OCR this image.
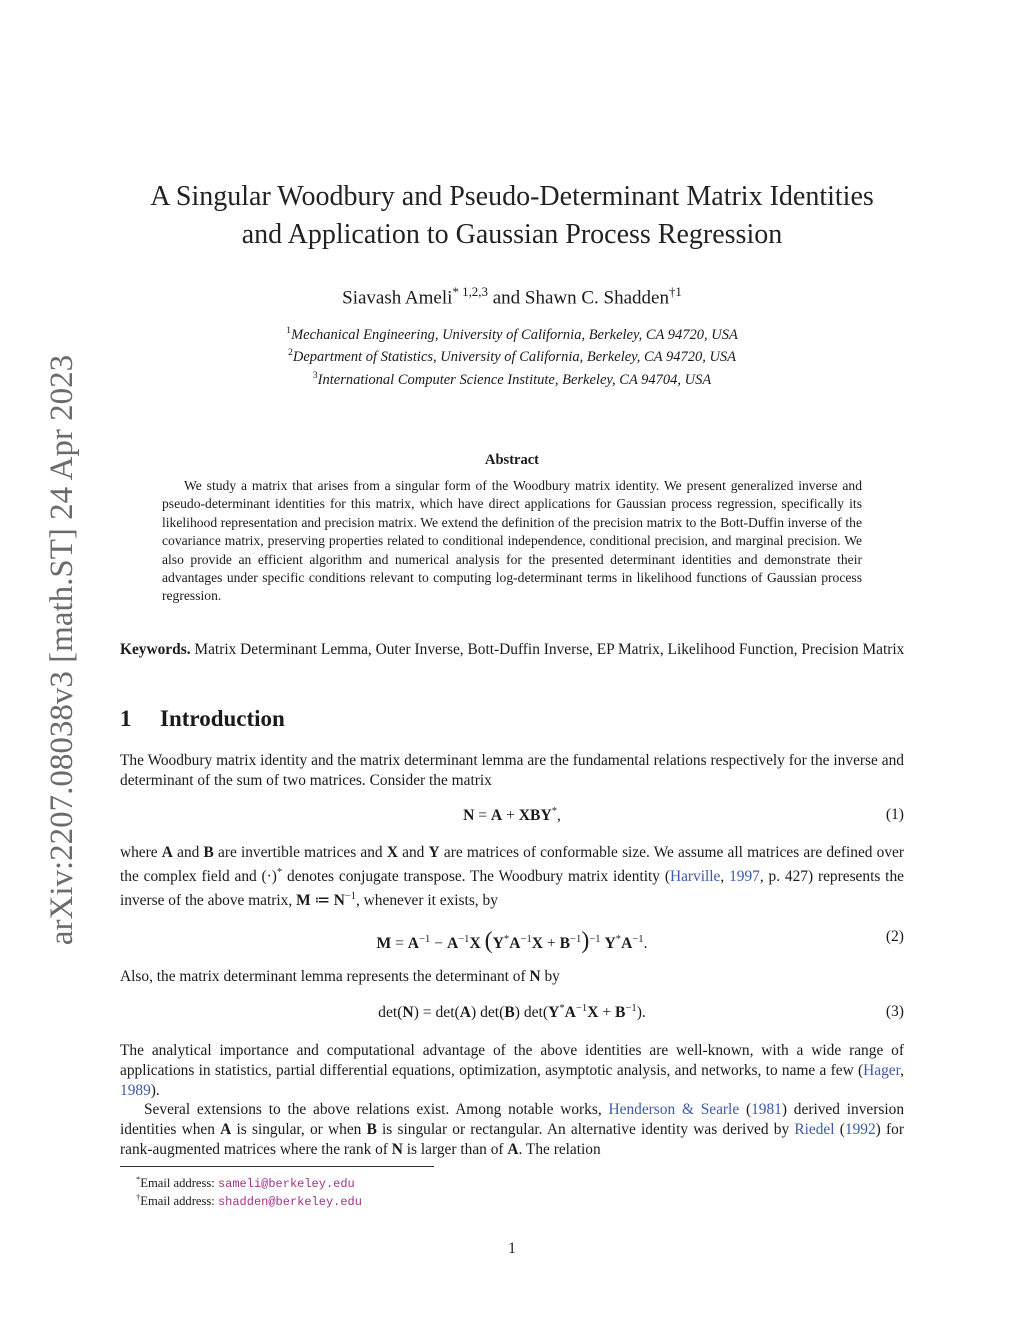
arXiv:2207.08038v3 [math.ST] 24 Apr 2023
A Singular Woodbury and Pseudo-Determinant Matrix Identities
and Application to Gaussian Process Regression
Siavash Ameli$^{* 1,2,3}$ and Shawn C. Shadden$^{\dagger 1}$
$^1$Mechanical Engineering, University of California, Berkeley, CA 94720, USA
$^2$Department of Statistics, University of California, Berkeley, CA 94720, USA
$^3$International Computer Science Institute, Berkeley, CA 94704, USA
Abstract
We study a matrix that arises from a singular form of the Woodbury matrix identity. We present generalized inverse and pseudo-determinant identities for this matrix, which have direct applications for Gaussian process regression, specifically its likelihood representation and precision matrix. We extend the definition of the precision matrix to the Bott-Duffin inverse of the covariance matrix, preserving properties related to conditional independence, conditional precision, and marginal precision. We also provide an efficient algorithm and numerical analysis for the presented determinant identities and demonstrate their advantages under specific conditions relevant to computing log-determinant terms in likelihood functions of Gaussian process regression.
Keywords. Matrix Determinant Lemma, Outer Inverse, Bott-Duffin Inverse, EP Matrix, Likelihood Function, Precision Matrix
1 Introduction
The Woodbury matrix identity and the matrix determinant lemma are the fundamental relations respectively for the inverse and determinant of the sum of two matrices. Consider the matrix
N = A + XBY*,	(1)
where A and B are invertible matrices and X and Y are matrices of conformable size. We assume all matrices are defined over the complex field and (·)* denotes conjugate transpose. The Woodbury matrix identity (Harville, 1997, p. 427) represents the inverse of the above matrix, M ≔ $N^{-1}$, whenever it exists, by
$M = A^{-1} - A^{-1}X$ $(Y^*A^{-1}X + B^{-1})^{-1}$ $Y^*A^{-1}$.	(2)
Also, the matrix determinant lemma represents the determinant of N by
det(N) = det(A) det(B) $\det(Y^*A^{-1}X + B^{-1})$.	(3)
The analytical importance and computational advantage of the above identities are well-known, with a wide range of applications in statistics, partial differential equations, optimization, asymptotic analysis, and networks, to name a few (Hager, 1989).
Several extensions to the above relations exist. Among notable works, Henderson & Searle (1981) derived inversion identities when A is singular, or when B is singular or rectangular. An alternative identity was derived by Riedel (1992) for rank-augmented matrices where the rank of N is larger than of A. The relation
*Email address: sameli@berkeley.edu
†Email address: shadden@berkeley.edu
1
